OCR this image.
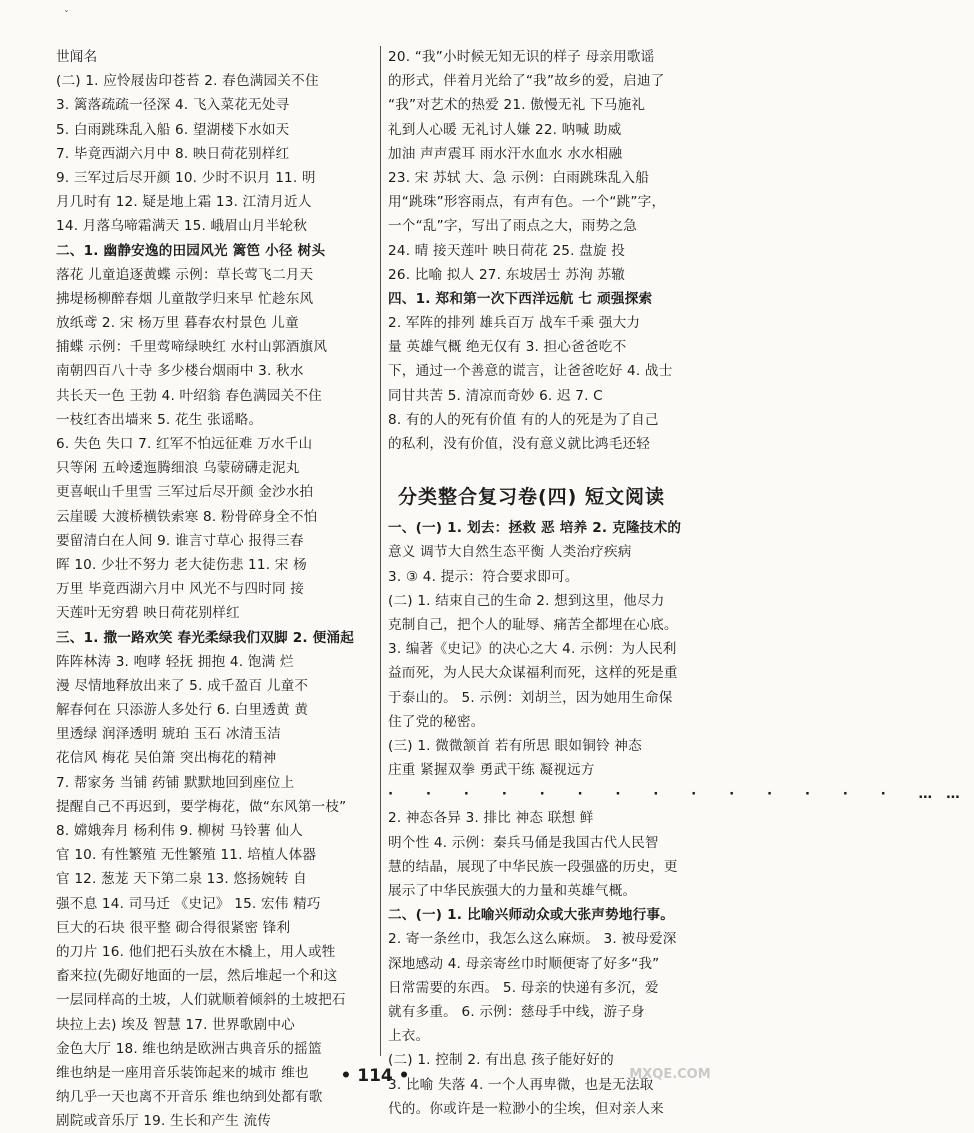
ˇ
世闻名
(二) 1. 应怜屐齿印苍苔 2. 春色满园关不住
3. 篱落疏疏一径深 4. 飞入菜花无处寻
5. 白雨跳珠乱入船 6. 望湖楼下水如天
7. 毕竟西湖六月中 8. 映日荷花别样红
9. 三军过后尽开颜 10. 少时不识月 11. 明
月几时有 12. 疑是地上霜 13. 江清月近人
14. 月落乌啼霜满天 15. 峨眉山月半轮秋
二、1. 幽静安逸的田园风光 篱笆 小径 树头
落花 儿童追逐黄蝶 示例：草长莺飞二月天
拂堤杨柳醉春烟 儿童散学归来早 忙趁东风
放纸鸢 2. 宋 杨万里 暮春农村景色 儿童
捕蝶 示例：千里莺啼绿映红 水村山郭酒旗风
南朝四百八十寺 多少楼台烟雨中 3. 秋水
共长天一色 王勃 4. 叶绍翁 春色满园关不住
一枝红杏出墙来 5. 花生 张谣略。
6. 失色 失口 7. 红军不怕远征难 万水千山
只等闲 五岭逶迤腾细浪 乌蒙磅礴走泥丸
更喜岷山千里雪 三军过后尽开颜 金沙水拍
云崖暖 大渡桥横铁索寒 8. 粉骨碎身全不怕
要留清白在人间 9. 谁言寸草心 报得三春
晖 10. 少壮不努力 老大徒伤悲 11. 宋 杨
万里 毕竟西湖六月中 风光不与四时同 接
天莲叶无穷碧 映日荷花别样红
三、1. 撒一路欢笑 春光柔绿我们双脚 2. 便涌起
阵阵林涛 3. 咆哮 轻抚 拥抱 4. 饱满 烂
漫 尽情地释放出来了 5. 成千盈百 儿童不
解春何在 只添游人多处行 6. 白里透黄 黄
里透绿 润泽透明 琥珀 玉石 冰清玉洁
花信风 梅花 吴伯箫 突出梅花的精神
7. 帮家务 当铺 药铺 默默地回到座位上
提醒自己不再迟到，要学梅花，做“东风第一枝”
8. 嫦娥奔月 杨利伟 9. 柳树 马铃薯 仙人
官 10. 有性繁殖 无性繁殖 11. 培植人体器
官 12. 葱茏 天下第二泉 13. 悠扬婉转 自
强不息 14. 司马迁 《史记》 15. 宏伟 精巧
巨大的石块 很平整 砌合得很紧密 锋利
的刀片 16. 他们把石头放在木橇上，用人或牲
畜来拉(先砌好地面的一层，然后堆起一个和这
一层同样高的土坡，人们就顺着倾斜的土坡把石
块拉上去) 埃及 智慧 17. 世界歌剧中心
金色大厅 18. 维也纳是欧洲古典音乐的摇篮
维也纳是一座用音乐装饰起来的城市 维也
纳几乎一天也离不开音乐 维也纳到处都有歌
剧院或音乐厅 19. 生长和产生 流传
20. “我”小时候无知无识的样子 母亲用歌谣
的形式，伴着月光给了“我”故乡的爱，启迪了
“我”对艺术的热爱 21. 傲慢无礼 下马施礼
礼到人心暖 无礼讨人嫌 22. 呐喊 助威
加油 声声震耳 雨水汗水血水 水水相融
23. 宋 苏轼 大、急 示例：白雨跳珠乱入船
用“跳珠”形容雨点，有声有色。一个“跳”字，
一个“乱”字，写出了雨点之大，雨势之急
24. 晴 接天莲叶 映日荷花 25. 盘旋 投
26. 比喻 拟人 27. 东坡居士 苏洵 苏辙
四、1. 郑和第一次下西洋远航 七 顽强探索
2. 军阵的排列 雄兵百万 战车千乘 强大力
量 英雄气概 绝无仅有 3. 担心爸爸吃不
下，通过一个善意的谎言，让爸爸吃好 4. 战士
同甘共苦 5. 清凉而奇妙 6. 迟 7. C
8. 有的人的死有价值 有的人的死是为了自己
的私利，没有价值，没有意义就比鸿毛还轻
分类整合复习卷(四) 短文阅读
一、(一) 1. 划去：拯救 恶 培养 2. 克隆技术的
意义 调节大自然生态平衡 人类治疗疾病
3. ③ 4. 提示：符合要求即可。
(二) 1. 结束自己的生命 2. 想到这里，他尽力
克制自己，把个人的耻辱、痛苦全都埋在心底。
3. 编著《史记》的决心之大 4. 示例：为人民利
益而死，为人民大众谋福利而死，这样的死是重
于泰山的。 5. 示例：刘胡兰，因为她用生命保
住了党的秘密。
(三) 1. 微微颔首 若有所思 眼如铜铃 神态
庄重 紧握双拳 勇武干练 凝视远方
· · · · · · · · · · · · · · ……
2. 神态各异 3. 排比 神态 联想 鲜
明个性 4. 示例：秦兵马俑是我国古代人民智
慧的结晶，展现了中华民族一段强盛的历史，更
展示了中华民族强大的力量和英雄气概。
二、(一) 1. 比喻兴师动众或大张声势地行事。
2. 寄一条丝巾，我怎么这么麻烦。 3. 被母爱深
深地感动 4. 母亲寄丝巾时顺便寄了好多“我”
日常需要的东西。 5. 母亲的快递有多沉，爱
就有多重。 6. 示例：慈母手中线，游子身
上衣。
(二) 1. 控制 2. 有出息 孩子能好好的
3. 比喻 失落 4. 一个人再卑微，也是无法取
代的。你或许是一粒渺小的尘埃，但对亲人来
• 114 •	MXQE.COM
